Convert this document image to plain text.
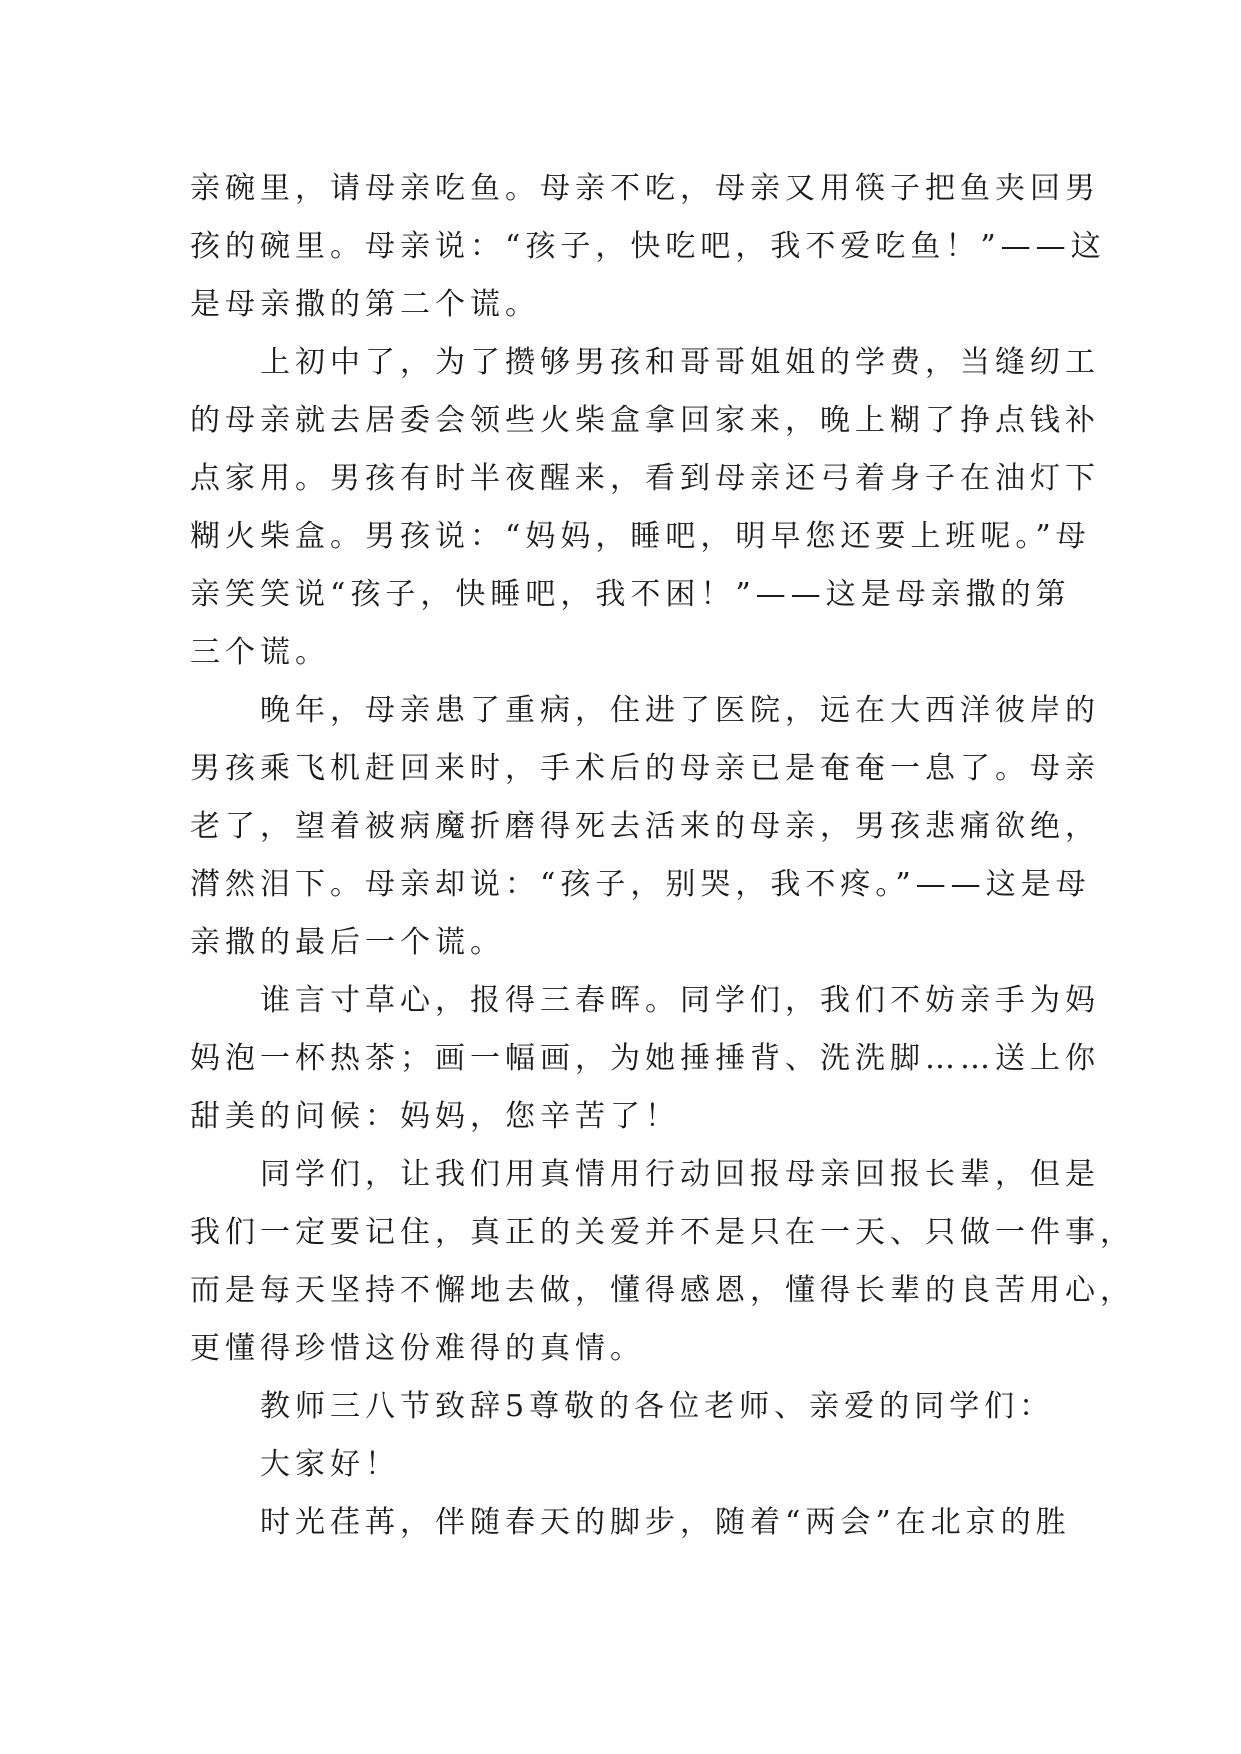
亲碗里，请母亲吃鱼。母亲不吃，母亲又用筷子把鱼夹回男
孩的碗里。母亲说：“孩子，快吃吧，我不爱吃鱼！”——这
是母亲撒的第二个谎。
　　上初中了，为了攒够男孩和哥哥姐姐的学费，当缝纫工
的母亲就去居委会领些火柴盒拿回家来，晚上糊了挣点钱补
点家用。男孩有时半夜醒来，看到母亲还弓着身子在油灯下
糊火柴盒。男孩说：“妈妈，睡吧，明早您还要上班呢。”母
亲笑笑说“孩子，快睡吧，我不困！”——这是母亲撒的第
三个谎。
　　晚年，母亲患了重病，住进了医院，远在大西洋彼岸的
男孩乘飞机赶回来时，手术后的母亲已是奄奄一息了。母亲
老了，望着被病魔折磨得死去活来的母亲，男孩悲痛欲绝，
潸然泪下。母亲却说：“孩子，别哭，我不疼。”——这是母
亲撒的最后一个谎。
　　谁言寸草心，报得三春晖。同学们，我们不妨亲手为妈
妈泡一杯热茶；画一幅画，为她捶捶背、洗洗脚……送上你
甜美的问候：妈妈，您辛苦了！
　　同学们，让我们用真情用行动回报母亲回报长辈，但是
我们一定要记住，真正的关爱并不是只在一天、只做一件事，
而是每天坚持不懈地去做，懂得感恩，懂得长辈的良苦用心，
更懂得珍惜这份难得的真情。
　　教师三八节致辞5尊敬的各位老师、亲爱的同学们：
　　大家好！
　　时光荏苒，伴随春天的脚步，随着“两会”在北京的胜
